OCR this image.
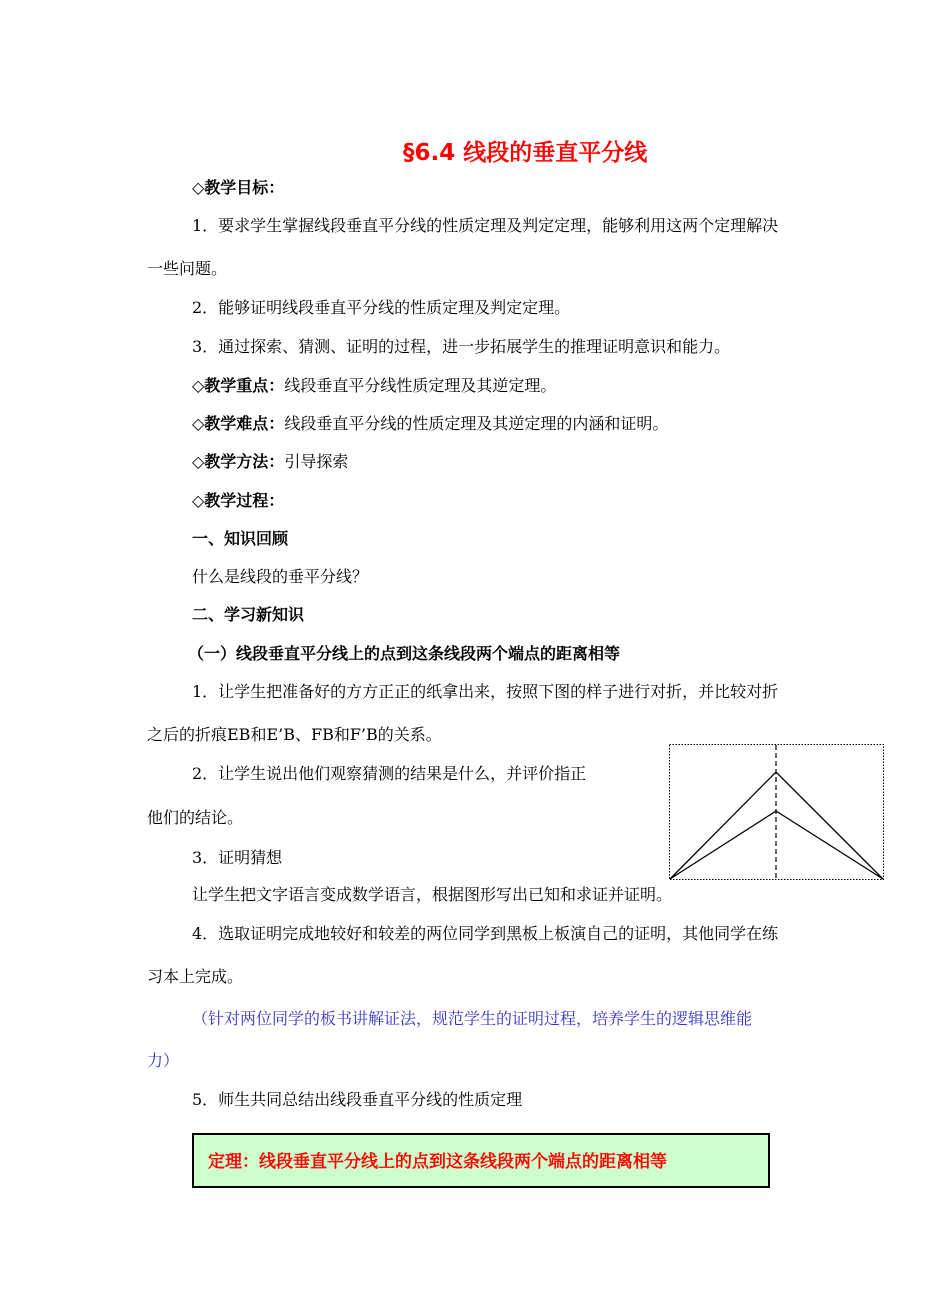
§6.4 线段的垂直平分线
◇教学目标：
1．要求学生掌握线段垂直平分线的性质定理及判定定理，能够利用这两个定理解决
一些问题。
2．能够证明线段垂直平分线的性质定理及判定定理。
3．通过探索、猜测、证明的过程，进一步拓展学生的推理证明意识和能力。
◇教学重点：线段垂直平分线性质定理及其逆定理。
◇教学难点：线段垂直平分线的性质定理及其逆定理的内涵和证明。
◇教学方法：引导探索
◇教学过程：
一、知识回顾
什么是线段的垂平分线？
二、学习新知识
（一）线段垂直平分线上的点到这条线段两个端点的距离相等
1．让学生把准备好的方方正正的纸拿出来，按照下图的样子进行对折，并比较对折
之后的折痕EB和E’B、FB和F’B的关系。
2．让学生说出他们观察猜测的结果是什么，并评价指正
他们的结论。
3．证明猜想
让学生把文字语言变成数学语言，根据图形写出已知和求证并证明。
4．选取证明完成地较好和较差的两位同学到黑板上板演自己的证明，其他同学在练
习本上完成。
（针对两位同学的板书讲解证法，规范学生的证明过程，培养学生的逻辑思维能
力）
5．师生共同总结出线段垂直平分线的性质定理
定理：线段垂直平分线上的点到这条线段两个端点的距离相等
